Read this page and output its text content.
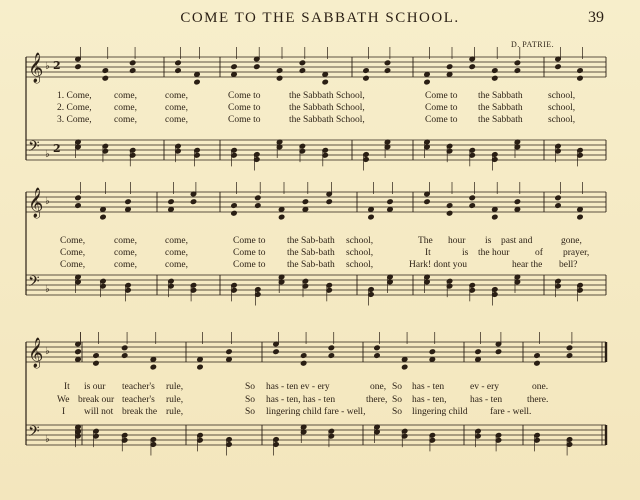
COME TO THE SABBATH SCHOOL.	39
D. PATRIE.
𝄞 ♭ 2
𝄢 ♭ 2
𝄞 ♭
𝄢 ♭
𝄞 ♭
𝄢 ♭
1. Come, come,	come,	Come to	the Sabbath School,	Come to the Sabbath	school,
2. Come, come,	come,	Come to	the Sabbath School,	Come to the Sabbath	school,
3. Come, come,	come,	Come to	the Sabbath School,	Come to the Sabbath	school,
Come,	come,	come,	Come to the Sab-bath school,	The hour is past and	gone,
Come,	come,	come,	Come to the Sab-bath school,	It	is the hour	of prayer,
Come,	come,	come,	Come to the Sab-bath school,	Hark! dont you	hear the bell?
It is our teacher's rule,	So has - ten ev - ery	one, So has - ten	ev - ery	one.
We break our teacher's rule,	So has - ten, has - ten	there, So has - ten, has - ten	there.
I will not break the rule,	So lingering child fare - well,	So lingering child fare - well.
